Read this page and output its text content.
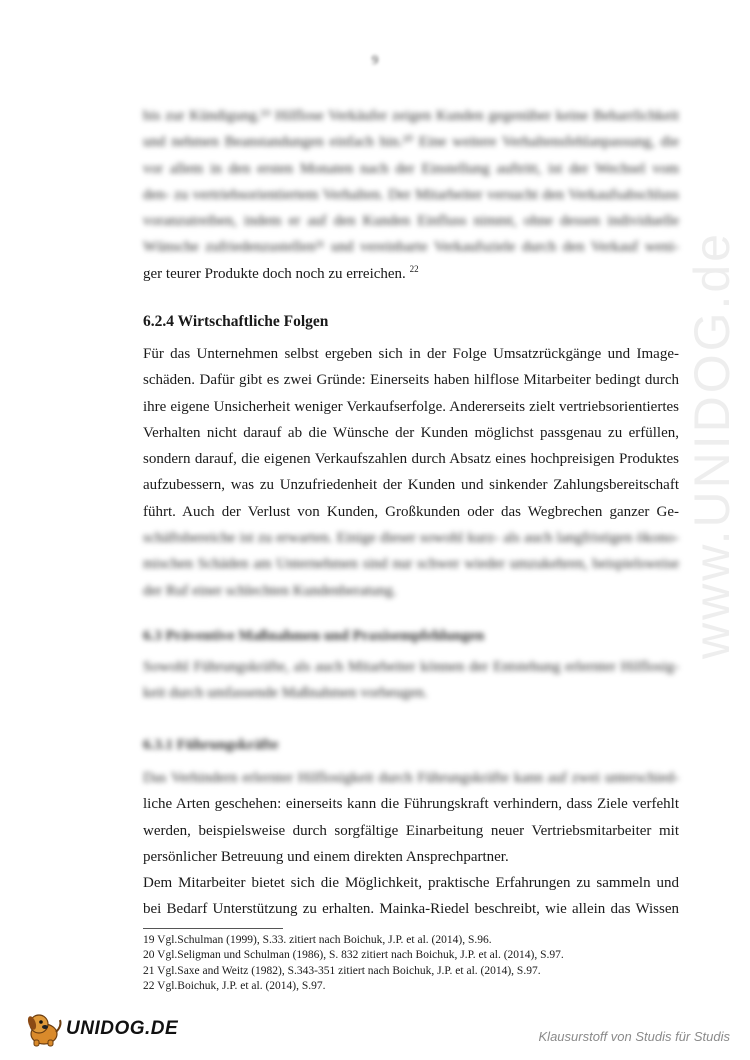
www.UNIDOG.de
9
bis zur Kündigung.¹⁹ Hilflose Verkäufer zeigen Kunden gegenüber keine Beharrlichkeit
und nehmen Beanstandungen einfach hin.²⁰ Eine weitere Verhaltensfehlanpassung, die
vor allem in den ersten Monaten nach der Einstellung auftritt, ist der Wechsel vom
den- zu vertriebsorientiertem Verhalten. Der Mitarbeiter versucht den Verkaufsabschluss
voranzutreiben, indem er auf den Kunden Einfluss nimmt, ohne dessen individuelle
Wünsche zufriedenzustellen²¹ und vereinbarte Verkaufsziele durch den Verkauf weni-
ger teurer Produkte doch noch zu erreichen. $^{22}$
6.2.4 Wirtschaftliche Folgen
Für das Unternehmen selbst ergeben sich in der Folge Umsatzrückgänge und Image-
schäden. Dafür gibt es zwei Gründe: Einerseits haben hilflose Mitarbeiter bedingt durch
ihre eigene Unsicherheit weniger Verkaufserfolge. Andererseits zielt vertriebsorientiertes
Verhalten nicht darauf ab die Wünsche der Kunden möglichst passgenau zu erfüllen,
sondern darauf, die eigenen Verkaufszahlen durch Absatz eines hochpreisigen Produktes
aufzubessern, was zu Unzufriedenheit der Kunden und sinkender Zahlungsbereitschaft
führt. Auch der Verlust von Kunden, Großkunden oder das Wegbrechen ganzer Ge-
schäftsbereiche ist zu erwarten. Einige dieser sowohl kurz- als auch langfristigen ökono-
mischen Schäden am Unternehmen sind nur schwer wieder umzukehren, beispielsweise
der Ruf einer schlechten Kundenberatung.
6.3 Präventive Maßnahmen und Praxisempfehlungen
Sowohl Führungskräfte, als auch Mitarbeiter können der Entstehung erlernter Hilflosig-
keit durch umfassende Maßnahmen vorbeugen.
6.3.1 Führungskräfte
Das Verhindern erlernter Hilflosigkeit durch Führungskräfte kann auf zwei unterschied-
liche Arten geschehen: einerseits kann die Führungskraft verhindern, dass Ziele verfehlt
werden, beispielsweise durch sorgfältige Einarbeitung neuer Vertriebsmitarbeiter mit
persönlicher Betreuung und einem direkten Ansprechpartner.
Dem Mitarbeiter bietet sich die Möglichkeit, praktische Erfahrungen zu sammeln und
bei Bedarf Unterstützung zu erhalten. Mainka-Riedel beschreibt, wie allein das Wissen
19 Vgl.Schulman (1999), S.33. zitiert nach Boichuk, J.P. et al. (2014), S.96.
20 Vgl.Seligman und Schulman (1986), S. 832 zitiert nach Boichuk, J.P. et al. (2014), S.97.
21 Vgl.Saxe and Weitz (1982), S.343-351 zitiert nach Boichuk, J.P. et al. (2014), S.97.
22 Vgl.Boichuk, J.P. et al. (2014), S.97.
UNIDOG.DE	Klausurstoff von Studis für Studis
